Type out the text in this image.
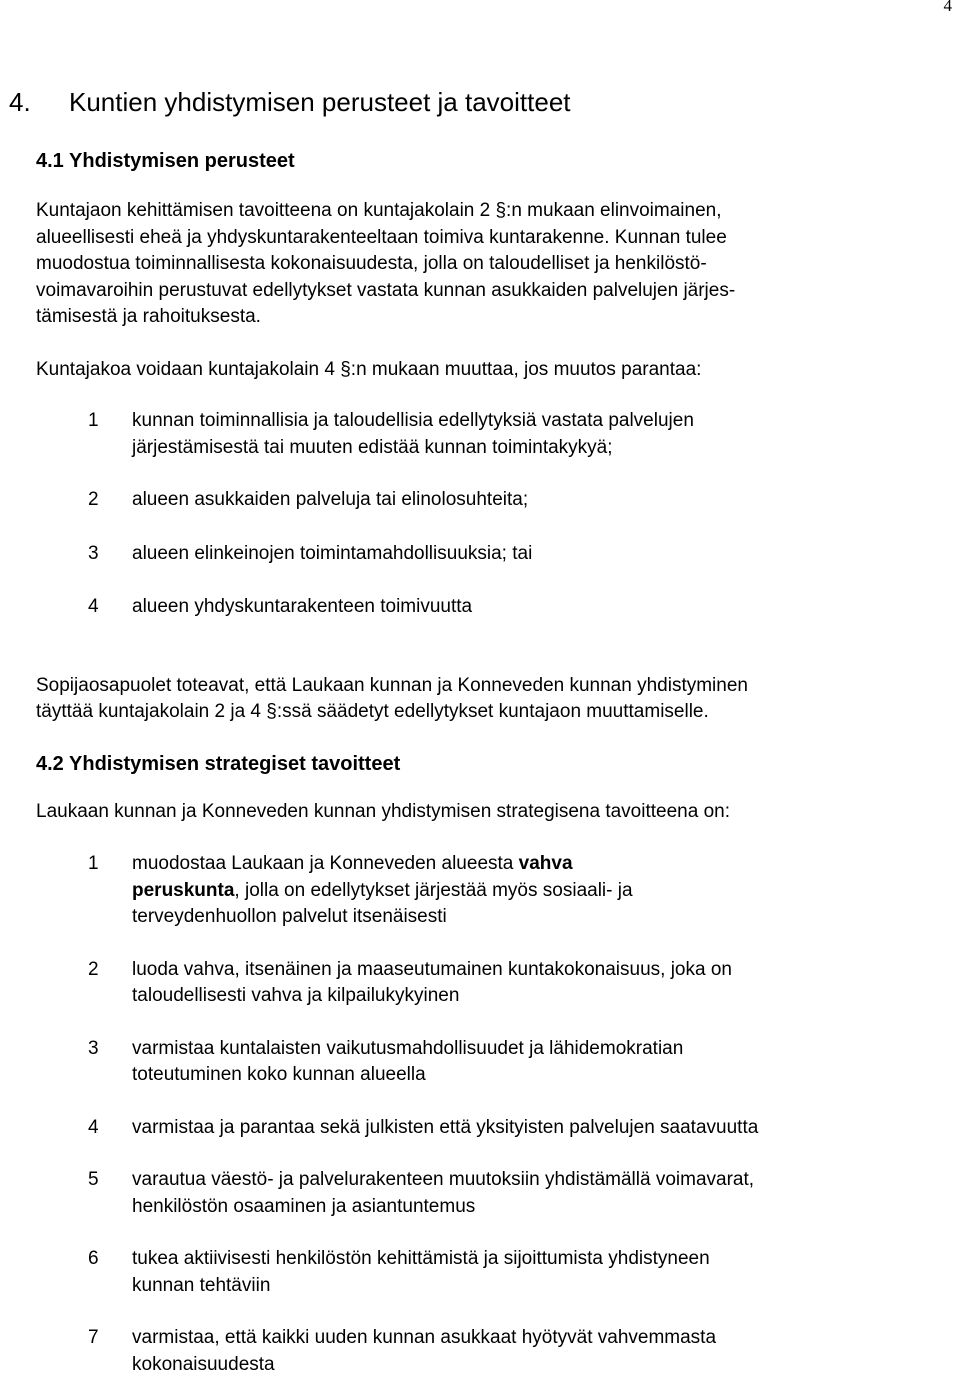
4
4. Kuntien yhdistymisen perusteet ja tavoitteet
4.1 Yhdistymisen perusteet

Kuntajaon kehittämisen tavoitteena on kuntajakolain 2 §:n mukaan elinvoimainen,
alueellisesti eheä ja yhdyskuntarakenteeltaan toimiva kuntarakenne. Kunnan tulee
muodostua toiminnallisesta kokonaisuudesta, jolla on taloudelliset ja henkilöstö-
voimavaroihin perustuvat edellytykset vastata kunnan asukkaiden palvelujen järjes-
tämisestä ja rahoituksesta.

Kuntajakoa voidaan kuntajakolain 4 §:n mukaan muuttaa, jos muutos parantaa:

1 kunnan toiminnallisia ja taloudellisia edellytyksiä vastata palvelujen
järjestämisestä tai muuten edistää kunnan toimintakykyä;
2 alueen asukkaiden palveluja tai elinolosuhteita;
3 alueen elinkeinojen toimintamahdollisuuksia; tai
4 alueen yhdyskuntarakenteen toimivuutta

Sopijaosapuolet toteavat, että Laukaan kunnan ja Konneveden kunnan yhdistyminen
täyttää kuntajakolain 2 ja 4 §:ssä säädetyt edellytykset kuntajaon muuttamiselle.

4.2 Yhdistymisen strategiset tavoitteet

Laukaan kunnan ja Konneveden kunnan yhdistymisen strategisena tavoitteena on:

1 muodostaa Laukaan ja Konneveden alueesta vahva
peruskunta, jolla on edellytykset järjestää myös sosiaali- ja
terveydenhuollon palvelut itsenäisesti
2 luoda vahva, itsenäinen ja maaseutumainen kuntakokonaisuus, joka on
taloudellisesti vahva ja kilpailukykyinen
3 varmistaa kuntalaisten vaikutusmahdollisuudet ja lähidemokratian
toteutuminen koko kunnan alueella
4 varmistaa ja parantaa sekä julkisten että yksityisten palvelujen saatavuutta
5 varautua väestö- ja palvelurakenteen muutoksiin yhdistämällä voimavarat,
henkilöstön osaaminen ja asiantuntemus
6 tukea aktiivisesti henkilöstön kehittämistä ja sijoittumista yhdistyneen
kunnan tehtäviin
7 varmistaa, että kaikki uuden kunnan asukkaat hyötyvät vahvemmasta
kokonaisuudesta
